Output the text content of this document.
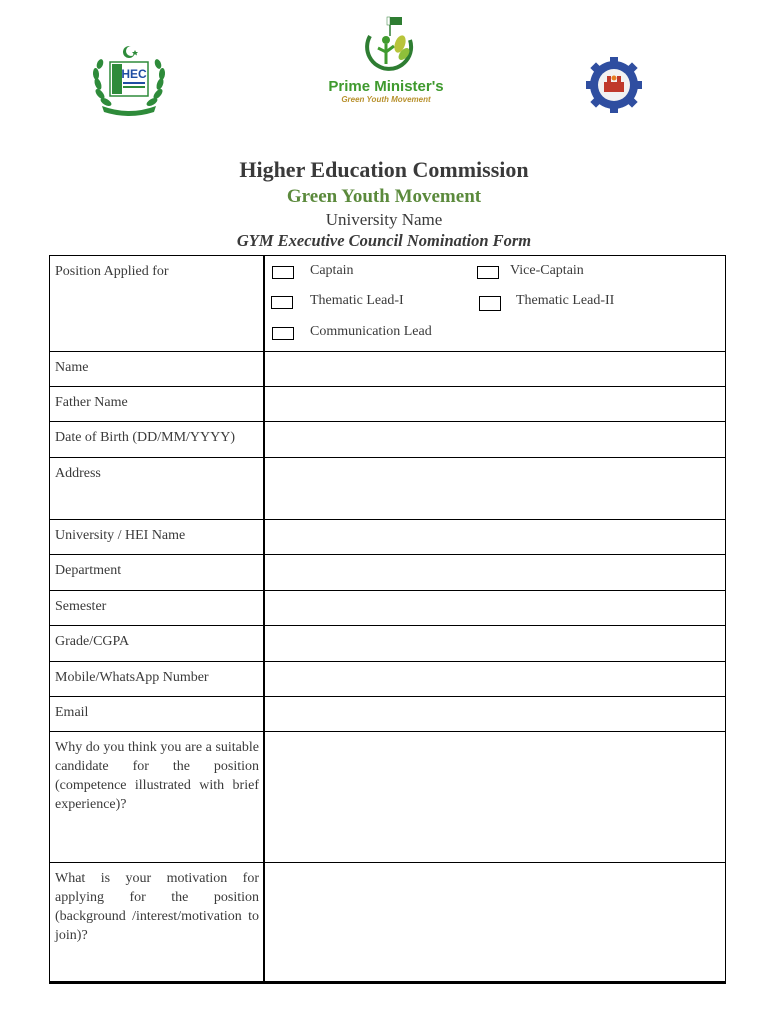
HEC
Prime Minister's
Green Youth Movement
Higher Education Commission
Green Youth Movement
University Name
GYM Executive Council Nomination Form
Position Applied for	Captain Vice-Captain
Thematic Lead-I Thematic Lead-II
Communication Lead

Name	
Father Name	
Date of Birth (DD/MM/YYYY)	
Address	
University / HEI Name	
Department	
Semester	
Grade/CGPA	
Mobile/WhatsApp Number	
Email	
Why do you think you are a suitable candidate for the position (competence illustrated with brief experience)?	
What is your motivation for applying for the position (background /interest/motivation to join)?	
